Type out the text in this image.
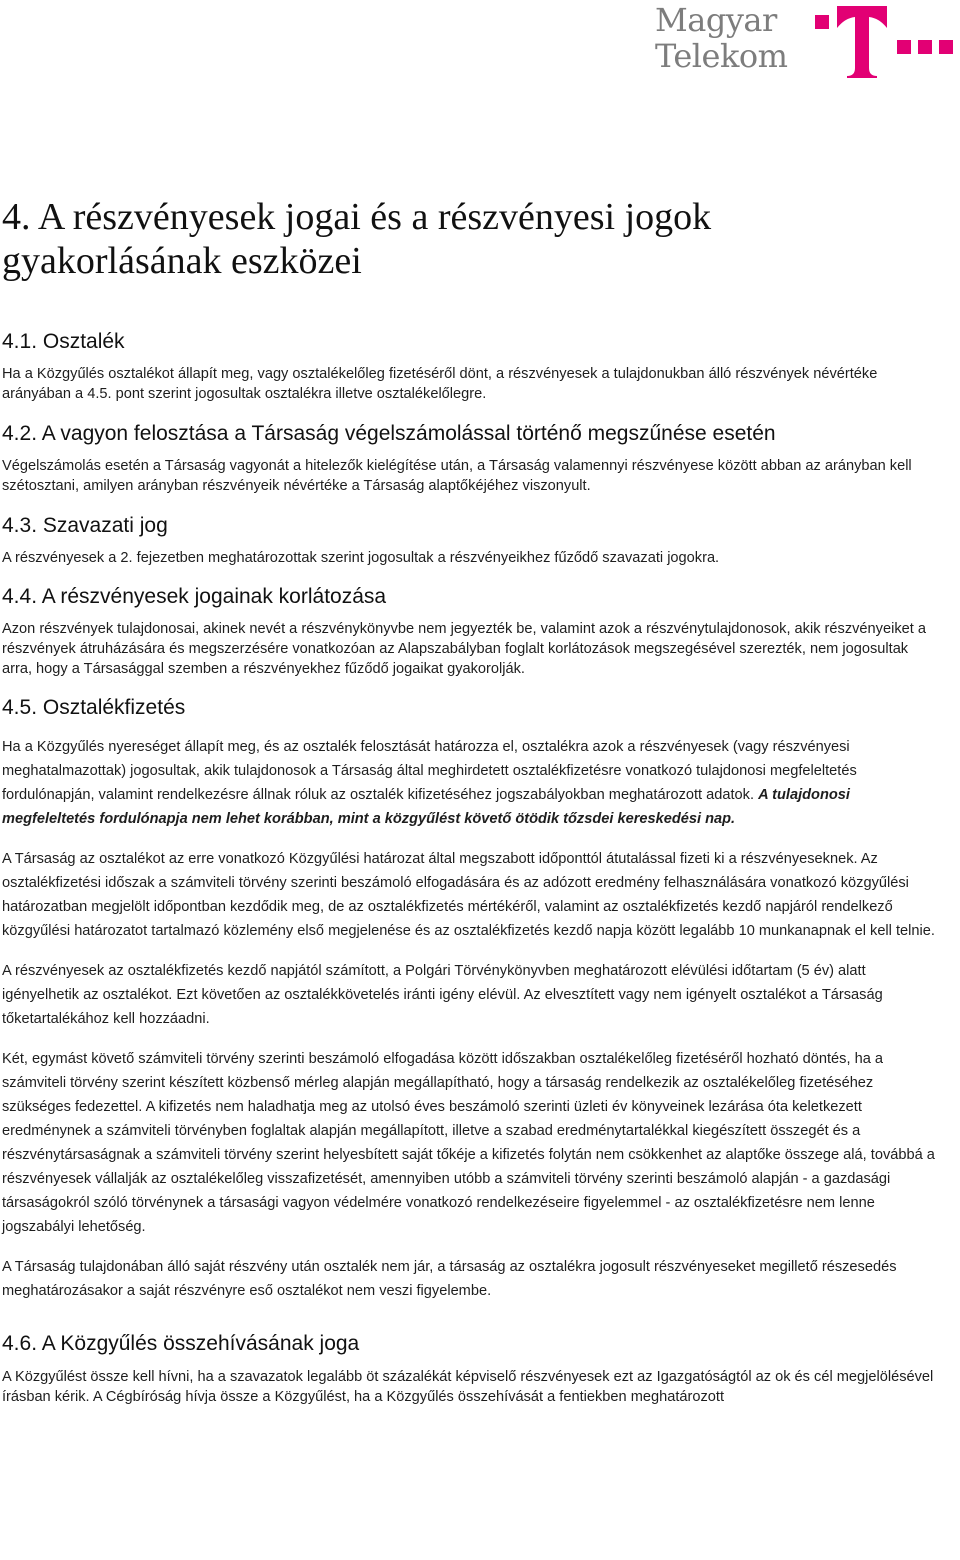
Magyar
Telekom
4. A részvényesek jogai és a részvényesi jogok gyakorlásának eszközei
4.1. Osztalék

Ha a Közgyűlés osztalékot állapít meg, vagy osztalékelőleg fizetéséről dönt, a részvényesek a tulajdonukban álló részvények névértéke arányában a 4.5. pont szerint jogosultak osztalékra illetve osztalékelőlegre.

4.2. A vagyon felosztása a Társaság végelszámolással történő megszűnése esetén

Végelszámolás esetén a Társaság vagyonát a hitelezők kielégítése után, a Társaság valamennyi részvényese között abban az arányban kell szétosztani, amilyen arányban részvényeik névértéke a Társaság alaptőkéjéhez viszonyult.

4.3. Szavazati jog

A részvényesek a 2. fejezetben meghatározottak szerint jogosultak a részvényeikhez fűződő szavazati jogokra.

4.4. A részvényesek jogainak korlátozása

Azon részvények tulajdonosai, akinek nevét a részvénykönyvbe nem jegyezték be, valamint azok a részvénytulajdonosok, akik részvényeiket a részvények átruházására és megszerzésére vonatkozóan az Alapszabályban foglalt korlátozások megszegésével szerezték, nem jogosultak arra, hogy a Társasággal szemben a részvényekhez fűződő jogaikat gyakorolják.

4.5. Osztalékfizetés

Ha a Közgyűlés nyereséget állapít meg, és az osztalék felosztását határozza el, osztalékra azok a részvényesek (vagy részvényesi meghatalmazottak) jogosultak, akik tulajdonosok a Társaság által meghirdetett osztalékfizetésre vonatkozó tulajdonosi megfeleltetés fordulónapján, valamint rendelkezésre állnak róluk az osztalék kifizetéséhez jogszabályokban meghatározott adatok. A tulajdonosi megfeleltetés fordulónapja nem lehet korábban, mint a közgyűlést követő ötödik tőzsdei kereskedési nap.

A Társaság az osztalékot az erre vonatkozó Közgyűlési határozat által megszabott időponttól átutalással fizeti ki a részvényeseknek. Az osztalékfizetési időszak a számviteli törvény szerinti beszámoló elfogadására és az adózott eredmény felhasználására vonatkozó közgyűlési határozatban megjelölt időpontban kezdődik meg, de az osztalékfizetés mértékéről, valamint az osztalékfizetés kezdő napjáról rendelkező közgyűlési határozatot tartalmazó közlemény első megjelenése és az osztalékfizetés kezdő napja között legalább 10 munkanapnak el kell telnie.

A részvényesek az osztalékfizetés kezdő napjától számított, a Polgári Törvénykönyvben meghatározott elévülési időtartam (5 év) alatt igényelhetik az osztalékot. Ezt követően az osztalékkövetelés iránti igény elévül. Az elvesztített vagy nem igényelt osztalékot a Társaság tőketartalékához kell hozzáadni.

Két, egymást követő számviteli törvény szerinti beszámoló elfogadása között időszakban osztalékelőleg fizetéséről hozható döntés, ha a számviteli törvény szerint készített közbenső mérleg alapján megállapítható, hogy a társaság rendelkezik az osztalékelőleg fizetéséhez szükséges fedezettel. A kifizetés nem haladhatja meg az utolsó éves beszámoló szerinti üzleti év könyveinek lezárása óta keletkezett eredménynek a számviteli törvényben foglaltak alapján megállapított, illetve a szabad eredménytartalékkal kiegészített összegét és a részvénytársaságnak a számviteli törvény szerint helyesbített saját tőkéje a kifizetés folytán nem csökkenhet az alaptőke összege alá, továbbá a részvényesek vállalják az osztalékelőleg visszafizetését, amennyiben utóbb a számviteli törvény szerinti beszámoló alapján - a gazdasági társaságokról szóló törvénynek a társasági vagyon védelmére vonatkozó rendelkezéseire figyelemmel - az osztalékfizetésre nem lenne jogszabályi lehetőség.

A Társaság tulajdonában álló saját részvény után osztalék nem jár, a társaság az osztalékra jogosult részvényeseket megillető részesedés meghatározásakor a saját részvényre eső osztalékot nem veszi figyelembe.

4.6. A Közgyűlés összehívásának joga

A Közgyűlést össze kell hívni, ha a szavazatok legalább öt százalékát képviselő részvényesek ezt az Igazgatóságtól az ok és cél megjelölésével írásban kérik. A Cégbíróság hívja össze a Közgyűlést, ha a Közgyűlés összehívását a fentiekben meghatározott
